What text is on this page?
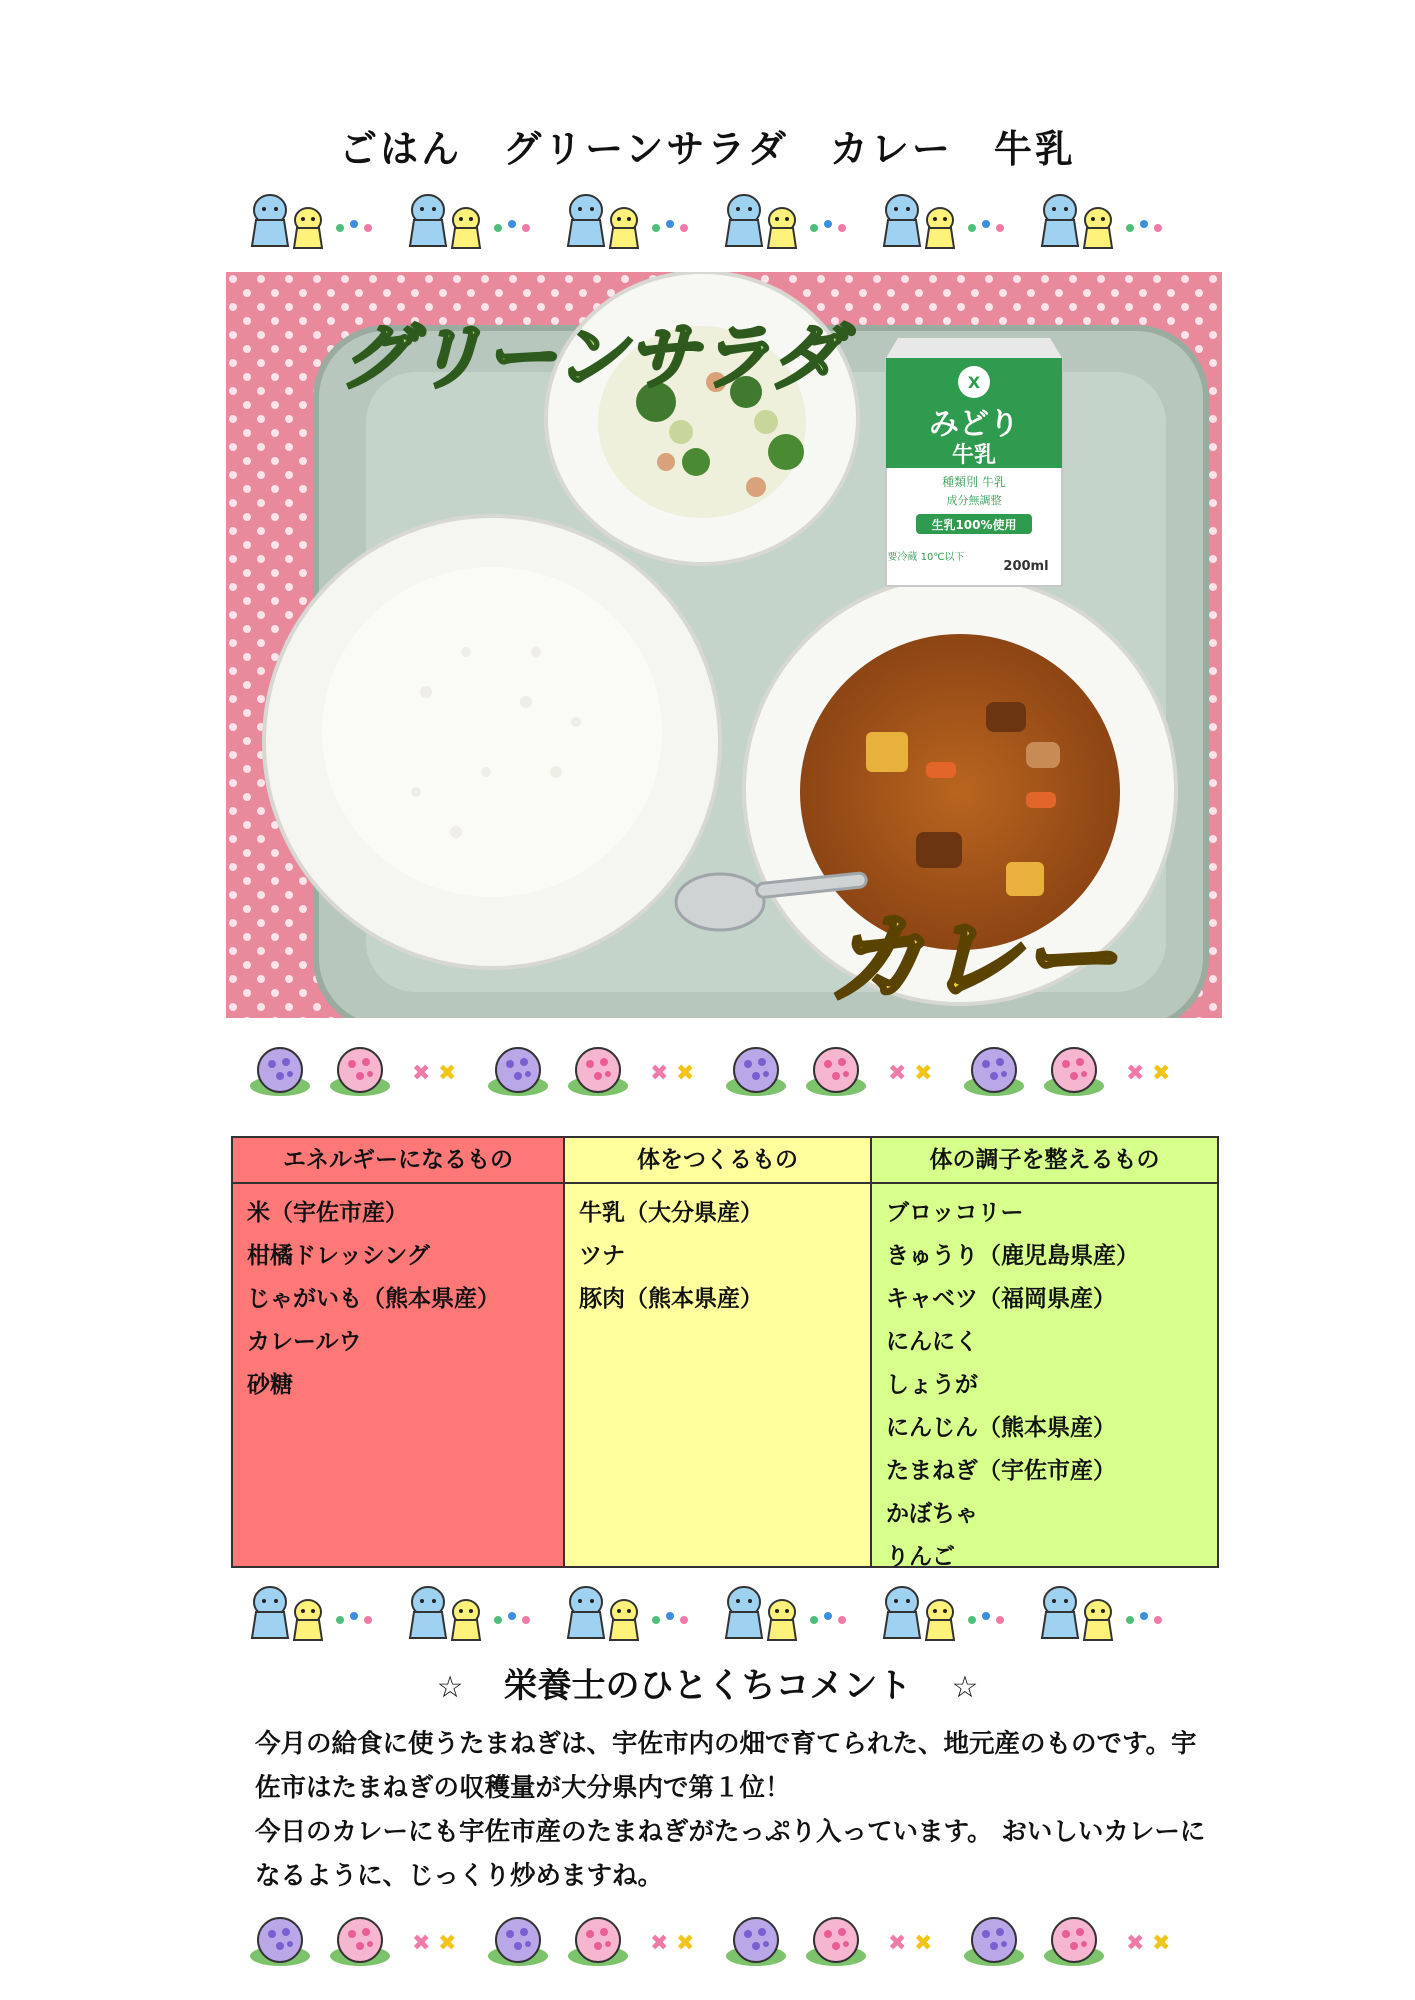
ごはん　グリーンサラダ　カレー　牛乳
X
みどり
牛乳
種類別 牛乳
成分無調整
生乳100%使用
要冷蔵 10℃以下
200ml
グリーンサラダ
カレー
エネルギーになるもの
米（宇佐市産）
柑橘ドレッシング
じゃがいも（熊本県産）
カレールウ
砂糖
体をつくるもの
牛乳（大分県産）
ツナ
豚肉（熊本県産）
体の調子を整えるもの
ブロッコリー
きゅうり（鹿児島県産）
キャベツ（福岡県産）
にんにく
しょうが
にんじん（熊本県産）
たまねぎ（宇佐市産）
かぼちゃ
りんご
☆ 栄養士のひとくちコメント ☆

今月の給食に使うたまねぎは、宇佐市内の畑で育てられた、地元産のものです。宇佐市はたまねぎの収穫量が大分県内で第１位！

今日のカレーにも宇佐市産のたまねぎがたっぷり入っています。 おいしいカレーになるように、じっくり炒めますね。
